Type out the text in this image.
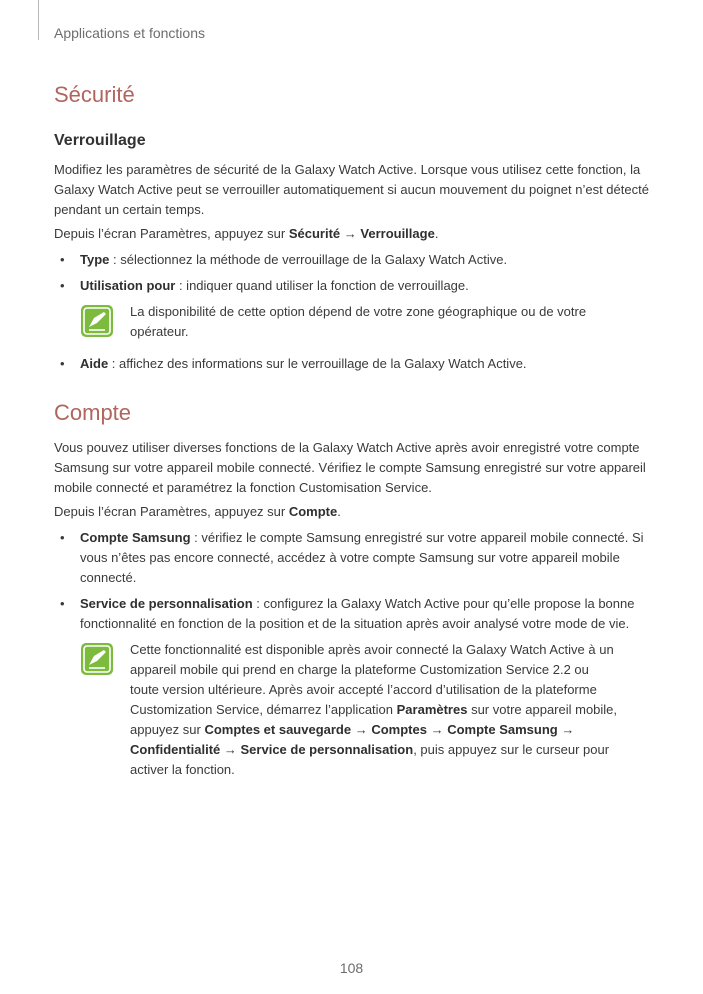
Applications et fonctions
Sécurité
Verrouillage

Modifiez les paramètres de sécurité de la Galaxy Watch Active. Lorsque vous utilisez cette fonction, la Galaxy Watch Active peut se verrouiller automatiquement si aucun mouvement du poignet n’est détecté pendant un certain temps.

Depuis l’écran Paramètres, appuyez sur Sécurité → Verrouillage.

• Type : sélectionnez la méthode de verrouillage de la Galaxy Watch Active.
• Utilisation pour : indiquer quand utiliser la fonction de verrouillage.
La disponibilité de cette option dépend de votre zone géographique ou de votre opérateur.
• Aide : affichez des informations sur le verrouillage de la Galaxy Watch Active.
Compte

Vous pouvez utiliser diverses fonctions de la Galaxy Watch Active après avoir enregistré votre compte Samsung sur votre appareil mobile connecté. Vérifiez le compte Samsung enregistré sur votre appareil mobile connecté et paramétrez la fonction Customisation Service.

Depuis l’écran Paramètres, appuyez sur Compte.

• Compte Samsung : vérifiez le compte Samsung enregistré sur votre appareil mobile connecté. Si vous n’êtes pas encore connecté, accédez à votre compte Samsung sur votre appareil mobile connecté.
• Service de personnalisation : configurez la Galaxy Watch Active pour qu’elle propose la bonne fonctionnalité en fonction de la position et de la situation après avoir analysé votre mode de vie.
Cette fonctionnalité est disponible après avoir connecté la Galaxy Watch Active à un appareil mobile qui prend en charge la plateforme Customization Service 2.2 ou toute version ultérieure. Après avoir accepté l’accord d’utilisation de la plateforme Customization Service, démarrez l’application Paramètres sur votre appareil mobile, appuyez sur Comptes et sauvegarde → Comptes → Compte Samsung → Confidentialité → Service de personnalisation, puis appuyez sur le curseur pour activer la fonction.
108
